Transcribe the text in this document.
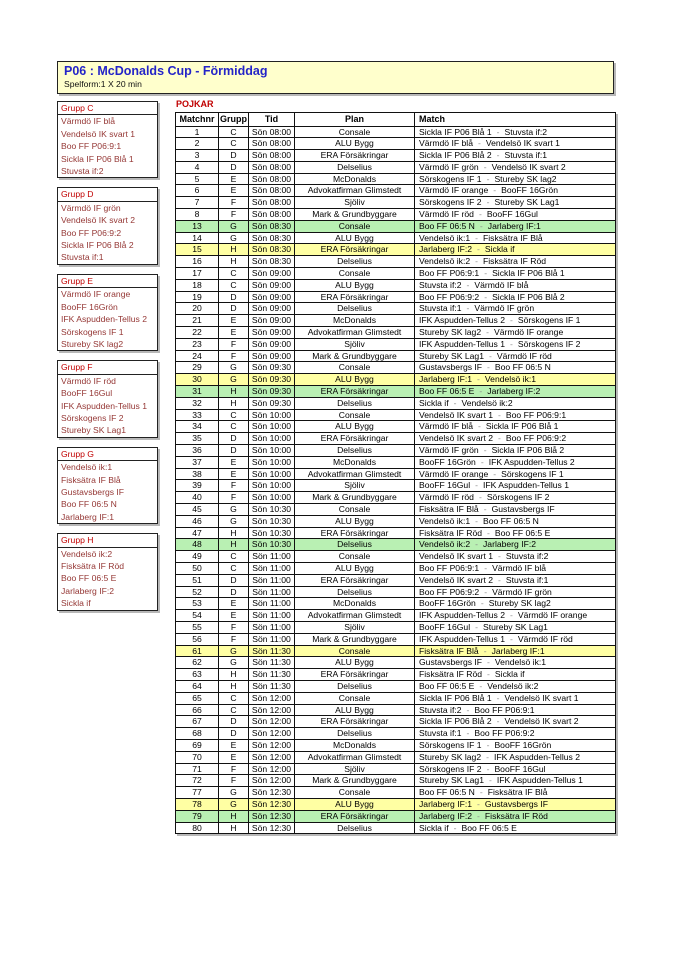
P06 : McDonalds Cup - Förmiddag
Spelform:1 X 20 min
Grupp C
Värmdö IF blå
Vendelsö IK svart 1
Boo FF P06:9:1
Sickla IF P06 Blå 1
Stuvsta if:2
Grupp D
Värmdö IF grön
Vendelsö IK svart 2
Boo FF P06:9:2
Sickla IF P06 Blå 2
Stuvsta if:1
Grupp E
Värmdö IF orange
BooFF 16Grön
IFK Aspudden-Tellus 2
Sörskogens IF 1
Stureby SK lag2
Grupp F
Värmdö IF röd
BooFF 16Gul
IFK Aspudden-Tellus 1
Sörskogens IF 2
Stureby SK Lag1
Grupp G
Vendelsö ik:1
Fisksätra IF Blå
Gustavsbergs IF
Boo FF 06:5 N
Jarlaberg IF:1
Grupp H
Vendelsö ik:2
Fisksätra IF Röd
Boo FF 06:5 E
Jarlaberg IF:2
Sickla if
POJKAR
Matchnr	Grupp	Tid	Plan	Match
1	C	Sön 08:00	Consale	Sickla IF P06 Blå 1 - Stuvsta if:2
2	C	Sön 08:00	ALU Bygg	Värmdö IF blå - Vendelsö IK svart 1
3	D	Sön 08:00	ERA Försäkringar	Sickla IF P06 Blå 2 - Stuvsta if:1
4	D	Sön 08:00	Delselius	Värmdö IF grön - Vendelsö IK svart 2
5	E	Sön 08:00	McDonalds	Sörskogens IF 1 - Stureby SK lag2
6	E	Sön 08:00	Advokatfirman Glimstedt	Värmdö IF orange - BooFF 16Grön
7	F	Sön 08:00	Sjöliv	Sörskogens IF 2 - Stureby SK Lag1
8	F	Sön 08:00	Mark & Grundbyggare	Värmdö IF röd - BooFF 16Gul
13	G	Sön 08:30	Consale	Boo FF 06:5 N - Jarlaberg IF:1
14	G	Sön 08:30	ALU Bygg	Vendelsö ik:1 - Fisksätra IF Blå
15	H	Sön 08:30	ERA Försäkringar	Jarlaberg IF:2 - Sickla if
16	H	Sön 08:30	Delselius	Vendelsö ik:2 - Fisksätra IF Röd
17	C	Sön 09:00	Consale	Boo FF P06:9:1 - Sickla IF P06 Blå 1
18	C	Sön 09:00	ALU Bygg	Stuvsta if:2 - Värmdö IF blå
19	D	Sön 09:00	ERA Försäkringar	Boo FF P06:9:2 - Sickla IF P06 Blå 2
20	D	Sön 09:00	Delselius	Stuvsta if:1 - Värmdö IF grön
21	E	Sön 09:00	McDonalds	IFK Aspudden-Tellus 2 - Sörskogens IF 1
22	E	Sön 09:00	Advokatfirman Glimstedt	Stureby SK lag2 - Värmdö IF orange
23	F	Sön 09:00	Sjöliv	IFK Aspudden-Tellus 1 - Sörskogens IF 2
24	F	Sön 09:00	Mark & Grundbyggare	Stureby SK Lag1 - Värmdö IF röd
29	G	Sön 09:30	Consale	Gustavsbergs IF - Boo FF 06:5 N
30	G	Sön 09:30	ALU Bygg	Jarlaberg IF:1 - Vendelsö ik:1
31	H	Sön 09:30	ERA Försäkringar	Boo FF 06:5 E - Jarlaberg IF:2
32	H	Sön 09:30	Delselius	Sickla if - Vendelsö ik:2
33	C	Sön 10:00	Consale	Vendelsö IK svart 1 - Boo FF P06:9:1
34	C	Sön 10:00	ALU Bygg	Värmdö IF blå - Sickla IF P06 Blå 1
35	D	Sön 10:00	ERA Försäkringar	Vendelsö IK svart 2 - Boo FF P06:9:2
36	D	Sön 10:00	Delselius	Värmdö IF grön - Sickla IF P06 Blå 2
37	E	Sön 10:00	McDonalds	BooFF 16Grön - IFK Aspudden-Tellus 2
38	E	Sön 10:00	Advokatfirman Glimstedt	Värmdö IF orange - Sörskogens IF 1
39	F	Sön 10:00	Sjöliv	BooFF 16Gul - IFK Aspudden-Tellus 1
40	F	Sön 10:00	Mark & Grundbyggare	Värmdö IF röd - Sörskogens IF 2
45	G	Sön 10:30	Consale	Fisksätra IF Blå - Gustavsbergs IF
46	G	Sön 10:30	ALU Bygg	Vendelsö ik:1 - Boo FF 06:5 N
47	H	Sön 10:30	ERA Försäkringar	Fisksätra IF Röd - Boo FF 06:5 E
48	H	Sön 10:30	Delselius	Vendelsö ik:2 - Jarlaberg IF:2
49	C	Sön 11:00	Consale	Vendelsö IK svart 1 - Stuvsta if:2
50	C	Sön 11:00	ALU Bygg	Boo FF P06:9:1 - Värmdö IF blå
51	D	Sön 11:00	ERA Försäkringar	Vendelsö IK svart 2 - Stuvsta if:1
52	D	Sön 11:00	Delselius	Boo FF P06:9:2 - Värmdö IF grön
53	E	Sön 11:00	McDonalds	BooFF 16Grön - Stureby SK lag2
54	E	Sön 11:00	Advokatfirman Glimstedt	IFK Aspudden-Tellus 2 - Värmdö IF orange
55	F	Sön 11:00	Sjöliv	BooFF 16Gul - Stureby SK Lag1
56	F	Sön 11:00	Mark & Grundbyggare	IFK Aspudden-Tellus 1 - Värmdö IF röd
61	G	Sön 11:30	Consale	Fisksätra IF Blå - Jarlaberg IF:1
62	G	Sön 11:30	ALU Bygg	Gustavsbergs IF - Vendelsö ik:1
63	H	Sön 11:30	ERA Försäkringar	Fisksätra IF Röd - Sickla if
64	H	Sön 11:30	Delselius	Boo FF 06:5 E - Vendelsö ik:2
65	C	Sön 12:00	Consale	Sickla IF P06 Blå 1 - Vendelsö IK svart 1
66	C	Sön 12:00	ALU Bygg	Stuvsta if:2 - Boo FF P06:9:1
67	D	Sön 12:00	ERA Försäkringar	Sickla IF P06 Blå 2 - Vendelsö IK svart 2
68	D	Sön 12:00	Delselius	Stuvsta if:1 - Boo FF P06:9:2
69	E	Sön 12:00	McDonalds	Sörskogens IF 1 - BooFF 16Grön
70	E	Sön 12:00	Advokatfirman Glimstedt	Stureby SK lag2 - IFK Aspudden-Tellus 2
71	F	Sön 12:00	Sjöliv	Sörskogens IF 2 - BooFF 16Gul
72	F	Sön 12:00	Mark & Grundbyggare	Stureby SK Lag1 - IFK Aspudden-Tellus 1
77	G	Sön 12:30	Consale	Boo FF 06:5 N - Fisksätra IF Blå
78	G	Sön 12:30	ALU Bygg	Jarlaberg IF:1 - Gustavsbergs IF
79	H	Sön 12:30	ERA Försäkringar	Jarlaberg IF:2 - Fisksätra IF Röd
80	H	Sön 12:30	Delselius	Sickla if - Boo FF 06:5 E
